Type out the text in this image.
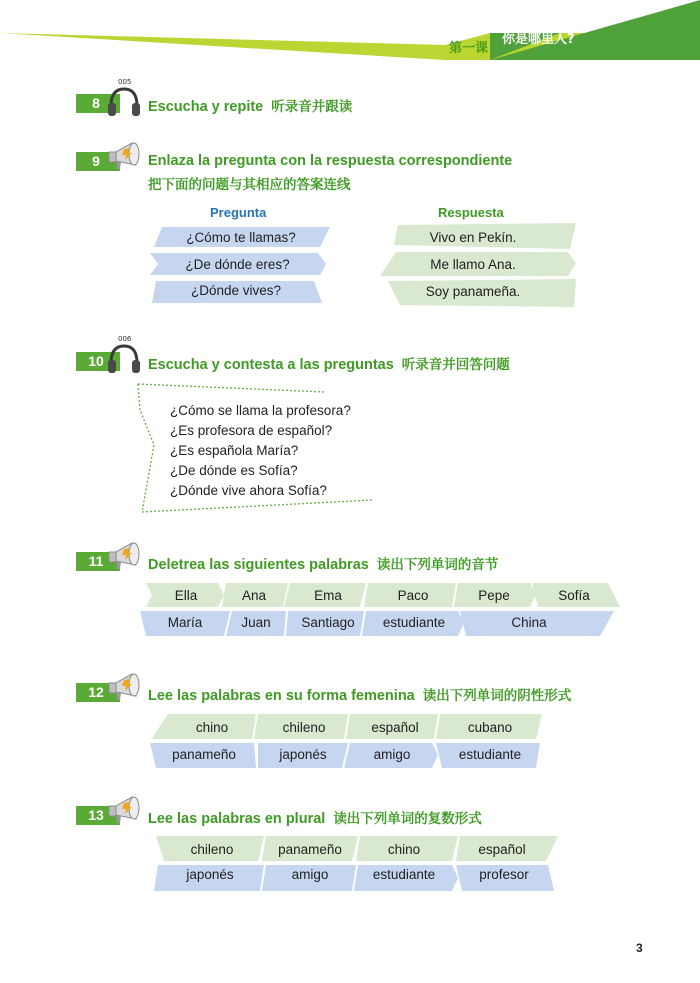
第一课
你是哪里人?
8
005
Escucha y repite 听录音并跟读
9	Enlaza la pregunta con la respuesta correspondiente
把下面的问题与其相应的答案连线
Pregunta	Respuesta
¿Cómo te llamas?
¿De dónde eres?
¿Dónde vives?
Vivo en Pekín.
Me llamo Ana.
Soy panameña.
10
006
Escucha y contesta a las preguntas 听录音并回答问题
¿Cómo se llama la profesora?
¿Es profesora de español?
¿Es española María?
¿De dónde es Sofía?
¿Dónde vive ahora Sofía?
11	Deletrea las siguientes palabras 读出下列单词的音节
Ella	Ana	Ema	Paco	Pepe	Sofía
María	Juan	Santiago	estudiante	China
12	Lee las palabras en su forma femenina 读出下列单词的阴性形式
chino	chileno	español	cubano
panameño	japonés	amigo	estudiante
13	Lee las palabras en plural 读出下列单词的复数形式
chileno	panameño	chino	español
japonés	amigo	estudiante	profesor
3
